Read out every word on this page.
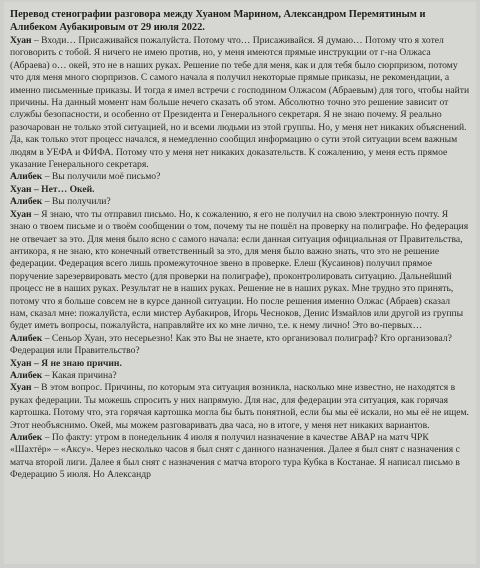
Перевод стенографии разговора между Хуаном Марином, Александром Перемятиным и Алибеком Аубакировым от 29 июля 2022.

Хуан – Входи… Присаживайся пожалуйста. Потому что… Присаживайся. Я думаю… Потому что я хотел поговорить с тобой. Я ничего не имею против, но, у меня имеются прямые инструкции от г-на Олжаса (Абраева) о… окей, это не в наших руках. Решение по тебе для меня, как и для тебя было сюрпризом, потому что для меня много сюрпризов. С самого начала я получил некоторые прямые приказы, не рекомендации, а именно письменные приказы. И тогда я имел встречи с господином Олжасом (Абраевым) для того, чтобы найти причины. На данный момент нам больше нечего сказать об этом. Абсолютно точно это решение зависит от службы безопасности, и особенно от Президента и Генерального секретаря. Я не знаю почему. Я реально разочарован не только этой ситуацией, но и всеми людьми из этой группы. Но, у меня нет никаких объяснений. Да, как только этот процесс начался, я немедленно сообщил информацию о сути этой ситуации всем важным людям в УЕФА и ФИФА. Потому что у меня нет никаких доказательств. К сожалению, у меня есть прямое указание Генерального секретаря.

Алибек – Вы получили моё письмо?

Хуан – Нет… Окей.

Алибек – Вы получили?

Хуан – Я знаю, что ты отправил письмо. Но, к сожалению, я его не получил на свою электронную почту. Я знаю о твоем письме и о твоём сообщении о том, почему ты не пошёл на проверку на полиграфе. Но федерация не отвечает за это. Для меня было ясно с самого начала: если данная ситуация официальная от Правительства, антикора, я не знаю, кто конечный ответственный за это, для меня было важно знать, что это не решение федерации. Федерация всего лишь промежуточное звено в проверке. Елеш (Кусаинов) получил прямое поручение зарезервировать место (для проверки на полиграфе), проконтролировать ситуацию. Дальнейший процесс не в наших руках. Результат не в наших руках. Решение не в наших руках. Мне трудно это принять, потому что я больше совсем не в курсе данной ситуации. Но после решения именно Олжас (Абраев) сказал нам, сказал мне: пожалуйста, если мистер Аубакиров, Игорь Чесноков, Денис Измайлов или другой из группы будет иметь вопросы, пожалуйста, направляйте их ко мне лично, т.е. к нему лично! Это во-первых…

Алибек – Сеньор Хуан, это несерьезно! Как это Вы не знаете, кто организовал полиграф? Кто организовал? Федерация или Правительство?

Хуан – Я не знаю причин.

Алибек – Какая причина?

Хуан – В этом вопрос. Причины, по которым эта ситуация возникла, насколько мне известно, не находятся в руках федерации. Ты можешь спросить у них напрямую. Для нас, для федерации эта ситуация, как горячая картошка. Потому что, эта горячая картошка могла бы быть понятной, если бы мы её искали, но мы её не ищем. Этот необъяснимо. Окей, мы можем разговаривать два часа, но в итоге, у меня нет никаких вариантов.

Алибек – По факту: утром в понедельник 4 июля я получил назначение в качестве АВАР на матч ЧРК «Шахтёр» – «Аксу». Через несколько часов я был снят с данного назначения. Далее я был снят с назначения с матча второй лиги. Далее я был снят с назначения с матча второго тура Кубка в Костанае. Я написал письмо в Федерацию 5 июля. Но Александр
